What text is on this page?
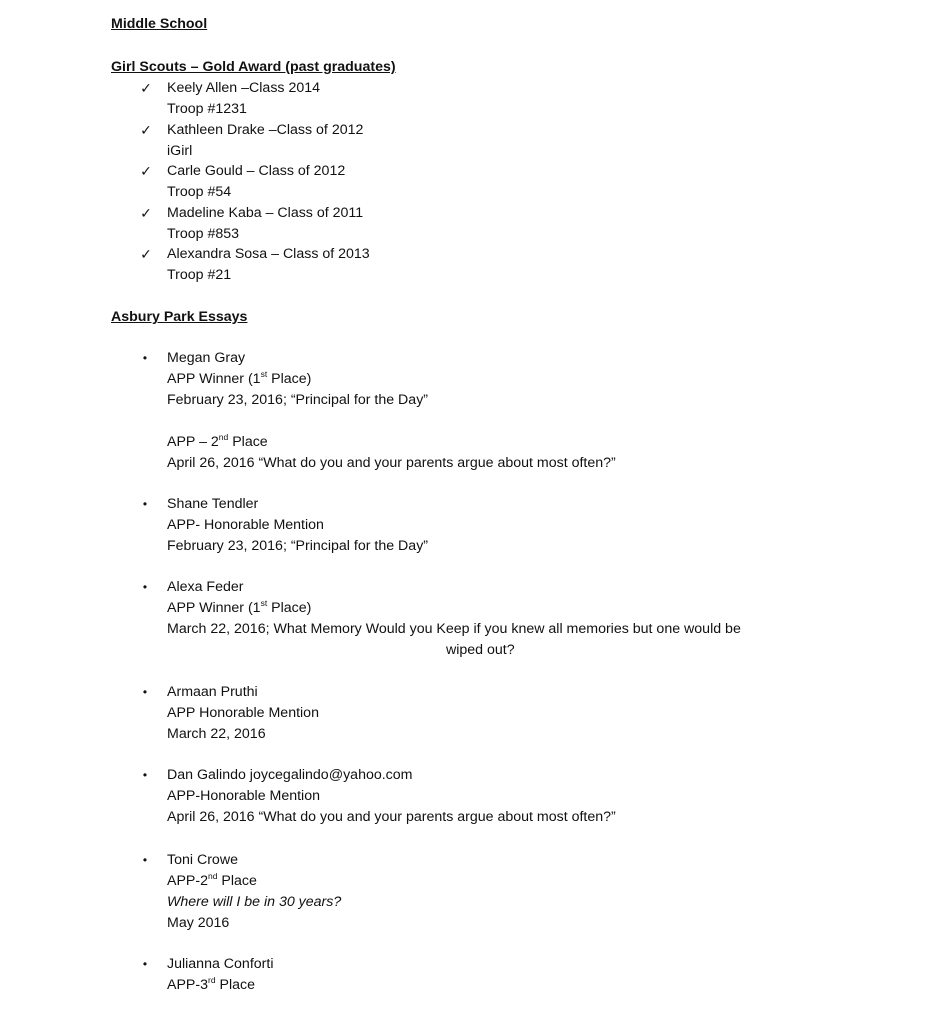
Middle School
Girl Scouts – Gold Award (past graduates)
✓ Keely Allen –Class 2014
Troop #1231
✓ Kathleen Drake –Class of 2012
iGirl
✓ Carle Gould – Class of 2012
Troop #54
✓ Madeline Kaba – Class of 2011
Troop #853
✓ Alexandra Sosa – Class of 2013
Troop #21
Asbury Park Essays
•	Megan Gray
APP Winner (1st Place)
February 23, 2016; “Principal for the Day”
APP – 2nd Place
April 26, 2016 “What do you and your parents argue about most often?”
•	Shane Tendler
APP- Honorable Mention
February 23, 2016; “Principal for the Day”
•	Alexa Feder
APP Winner (1st Place)
March 22, 2016; What Memory Would you Keep if you knew all memories but one would be
wiped out?
•	Armaan Pruthi
APP Honorable Mention
March 22, 2016
•	Dan Galindo joycegalindo@yahoo.com
APP-Honorable Mention
April 26, 2016 “What do you and your parents argue about most often?”
•	Toni Crowe
APP-2nd Place
Where will I be in 30 years?
May 2016
•	Julianna Conforti
APP-3rd Place
